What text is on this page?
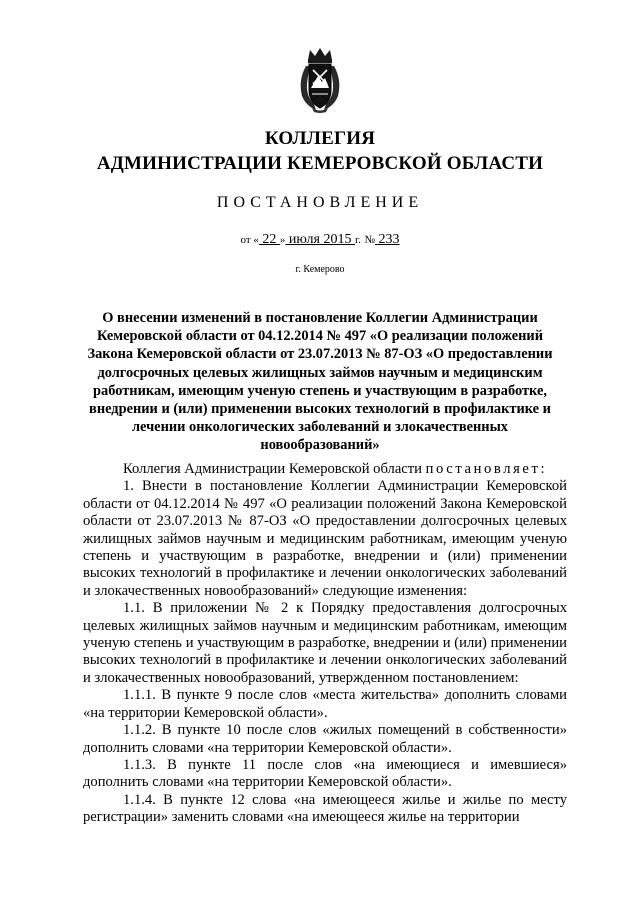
КОЛЛЕГИЯ
АДМИНИСТРАЦИИ КЕМЕРОВСКОЙ ОБЛАСТИ
ПОСТАНОВЛЕНИЕ
от « 22 » июля 2015 г. № 233
г. Кемерово
О внесении изменений в постановление Коллегии Администрации Кемеровской области от 04.12.2014 № 497 «О реализации положений Закона Кемеровской области от 23.07.2013 № 87-ОЗ «О предоставлении долгосрочных целевых жилищных займов научным и медицинским работникам, имеющим ученую степень и участвующим в разработке, внедрении и (или) применении высоких технологий в профилактике и лечении онкологических заболеваний и злокачественных новообразований»

Коллегия Администрации Кемеровской области постановляет:

1. Внести в постановление Коллегии Администрации Кемеровской области от 04.12.2014 № 497 «О реализации положений Закона Кемеровской области от 23.07.2013 № 87-ОЗ «О предоставлении долгосрочных целевых жилищных займов научным и медицинским работникам, имеющим ученую степень и участвующим в разработке, внедрении и (или) применении высоких технологий в профилактике и лечении онкологических заболеваний и злокачественных новообразований» следующие изменения:

1.1. В приложении № 2 к Порядку предоставления долгосрочных целевых жилищных займов научным и медицинским работникам, имеющим ученую степень и участвующим в разработке, внедрении и (или) применении высоких технологий в профилактике и лечении онкологических заболеваний и злокачественных новообразований, утвержденном постановлением:

1.1.1. В пункте 9 после слов «места жительства» дополнить словами «на территории Кемеровской области».

1.1.2. В пункте 10 после слов «жилых помещений в собственности» дополнить словами «на территории Кемеровской области».

1.1.3. В пункте 11 после слов «на имеющиеся и имевшиеся» дополнить словами «на территории Кемеровской области».

1.1.4. В пункте 12 слова «на имеющееся жилье и жилье по месту регистрации» заменить словами «на имеющееся жилье на территории
